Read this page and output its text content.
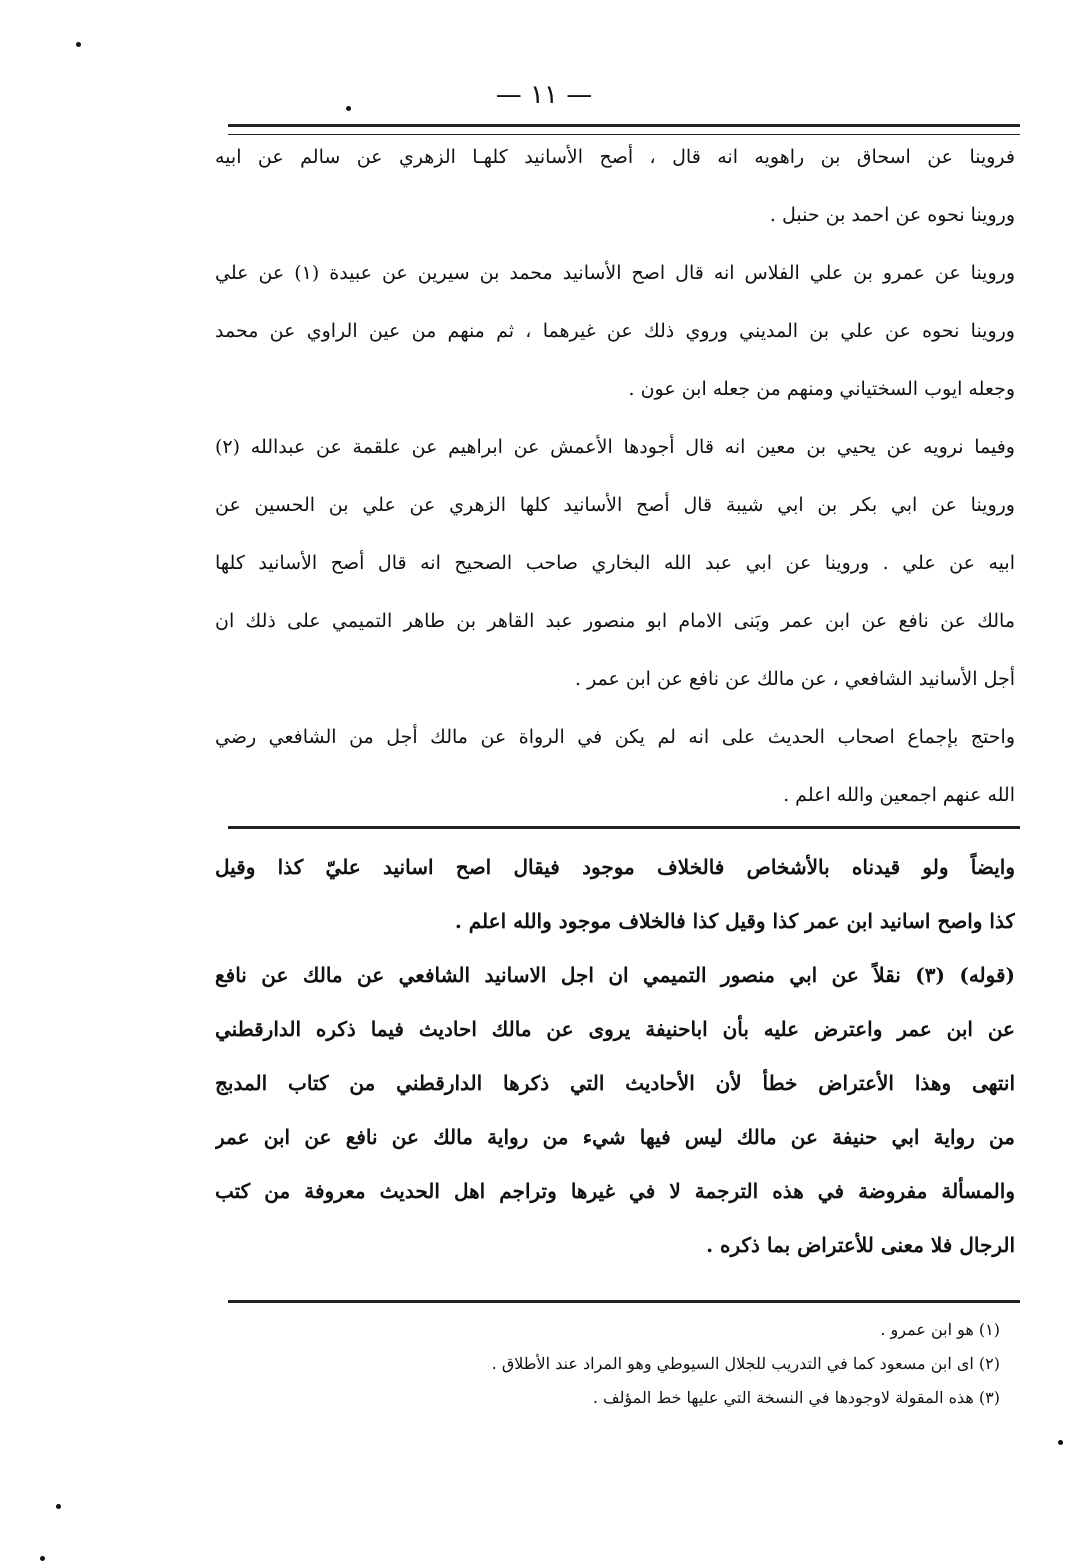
— ١١ —
فروينا عن اسحاق بن راهويه انه قال ، أصح الأسانيد كلهـا الزهري عن سالم عن ابيه
وروينا نحوه عن احمد بن حنبل .
وروينا عن عمرو بن علي الفلاس انه قال اصح الأسانيد محمد بن سيرين عن عبيدة (١) عن علي
وروينا نحوه عن علي بن المديني وروي ذلك عن غيرهما ، ثم منهم من عين الراوي عن محمد
وجعله ايوب السختياني ومنهم من جعله ابن عون .
وفيما نرويه عن يحيي بن معين انه قال أجودها الأعمش عن ابراهيم عن علقمة عن عبدالله (٢)
وروينا عن ابي بكر بن ابي شيبة قال أصح الأسانيد كلها الزهري عن علي بن الحسين عن
ابيه عن علي . وروينا عن ابي عبد الله البخاري صاحب الصحيح انه قال أصح الأسانيد كلها
مالك عن نافع عن ابن عمر وبَنى الامام ابو منصور عبد القاهر بن طاهر التميمي على ذلك ان
أجل الأسانيد الشافعي ، عن مالك عن نافع عن ابن عمر .
واحتج بإجماع اصحاب الحديث على انه لم يكن في الرواة عن مالك أجل من الشافعي رضي
الله عنهم اجمعين والله اعلم .
وايضاً ولو قيدناه بالأشخاص فالخلاف موجود فيقال اصح اسانيد عليّ كذا وقيل
كذا واصح اسانيد ابن عمر كذا وقيل كذا فالخلاف موجود والله اعلم .
(قوله) (٣) نقلاً عن ابي منصور التميمي ان اجل الاسانيد الشافعي عن مالك عن نافع
عن ابن عمر واعترض عليه بأن اباحنيفة يروى عن مالك احاديث فيما ذكره الدارقطني
انتهى وهذا الأعتراض خطأ لأن الأحاديث التي ذكرها الدارقطني من كتاب المدبج
من رواية ابي حنيفة عن مالك ليس فيها شيء من رواية مالك عن نافع عن ابن عمر
والمسألة مفروضة في هذه الترجمة لا في غيرها وتراجم اهل الحديث معروفة من كتب
الرجال فلا معنى للأعتراض بما ذكره .
(١) هو ابن عمرو .
(٢) اى ابن مسعود كما في التدريب للجلال السيوطي وهو المراد عند الأطلاق .
(٣) هذه المقولة لاوجودها في النسخة التي عليها خط المؤلف .
